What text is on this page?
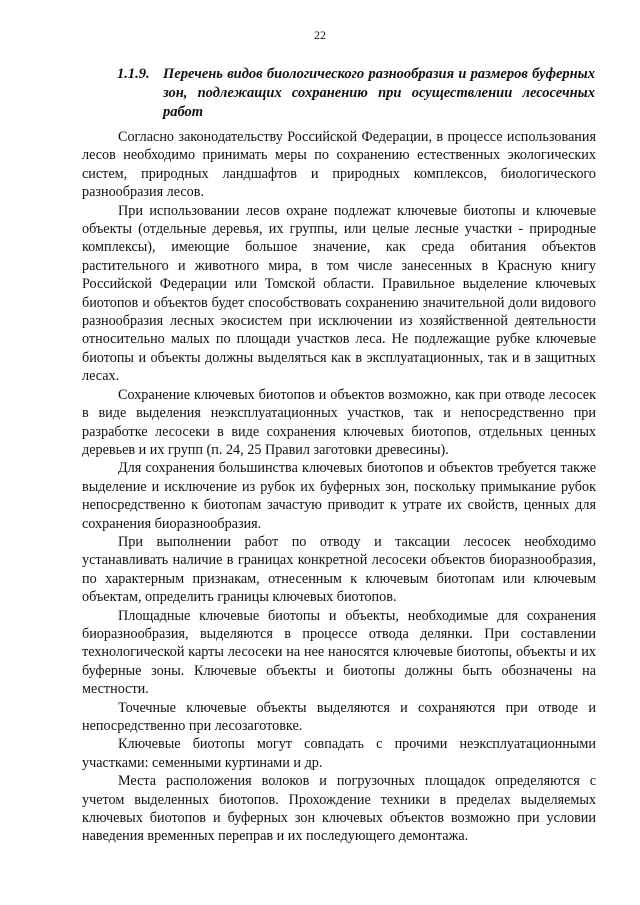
22
1.1.9. Перечень видов биологического разнообразия и размеров буферных зон, подлежащих сохранению при осуществлении лесосечных работ

Согласно законодательству Российской Федерации, в процессе использования лесов необходимо принимать меры по сохранению естественных экологических систем, природных ландшафтов и природных комплексов, биологического разнообразия лесов.

При использовании лесов охране подлежат ключевые биотопы и ключевые объекты (отдельные деревья, их группы, или целые лесные участки - природные комплексы), имеющие большое значение, как среда обитания объектов растительного и животного мира, в том числе занесенных в Красную книгу Российской Федерации или Томской области. Правильное выделение ключевых биотопов и объектов будет способствовать сохранению значительной доли видового разнообразия лесных экосистем при исключении из хозяйственной деятельности относительно малых по площади участков леса. Не подлежащие рубке ключевые биотопы и объекты должны выделяться как в эксплуатационных, так и в защитных лесах.

Сохранение ключевых биотопов и объектов возможно, как при отводе лесосек в виде выделения неэксплуатационных участков, так и непосредственно при разработке лесосеки в виде сохранения ключевых биотопов, отдельных ценных деревьев и их групп (п. 24, 25 Правил заготовки древесины).

Для сохранения большинства ключевых биотопов и объектов требуется также выделение и исключение из рубок их буферных зон, поскольку примыкание рубок непосредственно к биотопам зачастую приводит к утрате их свойств, ценных для сохранения биоразнообразия.

При выполнении работ по отводу и таксации лесосек необходимо устанавливать наличие в границах конкретной лесосеки объектов биоразнообразия, по характерным признакам, отнесенным к ключевым биотопам или ключевым объектам, определить границы ключевых биотопов.

Площадные ключевые биотопы и объекты, необходимые для сохранения биоразнообразия, выделяются в процессе отвода делянки. При составлении технологической карты лесосеки на нее наносятся ключевые биотопы, объекты и их буферные зоны. Ключевые объекты и биотопы должны быть обозначены на местности.

Точечные ключевые объекты выделяются и сохраняются при отводе и непосредственно при лесозаготовке.

Ключевые биотопы могут совпадать с прочими неэксплуатационными участками: семенными куртинами и др.

Места расположения волоков и погрузочных площадок определяются с учетом выделенных биотопов. Прохождение техники в пределах выделяемых ключевых биотопов и буферных зон ключевых объектов возможно при условии наведения временных переправ и их последующего демонтажа.
